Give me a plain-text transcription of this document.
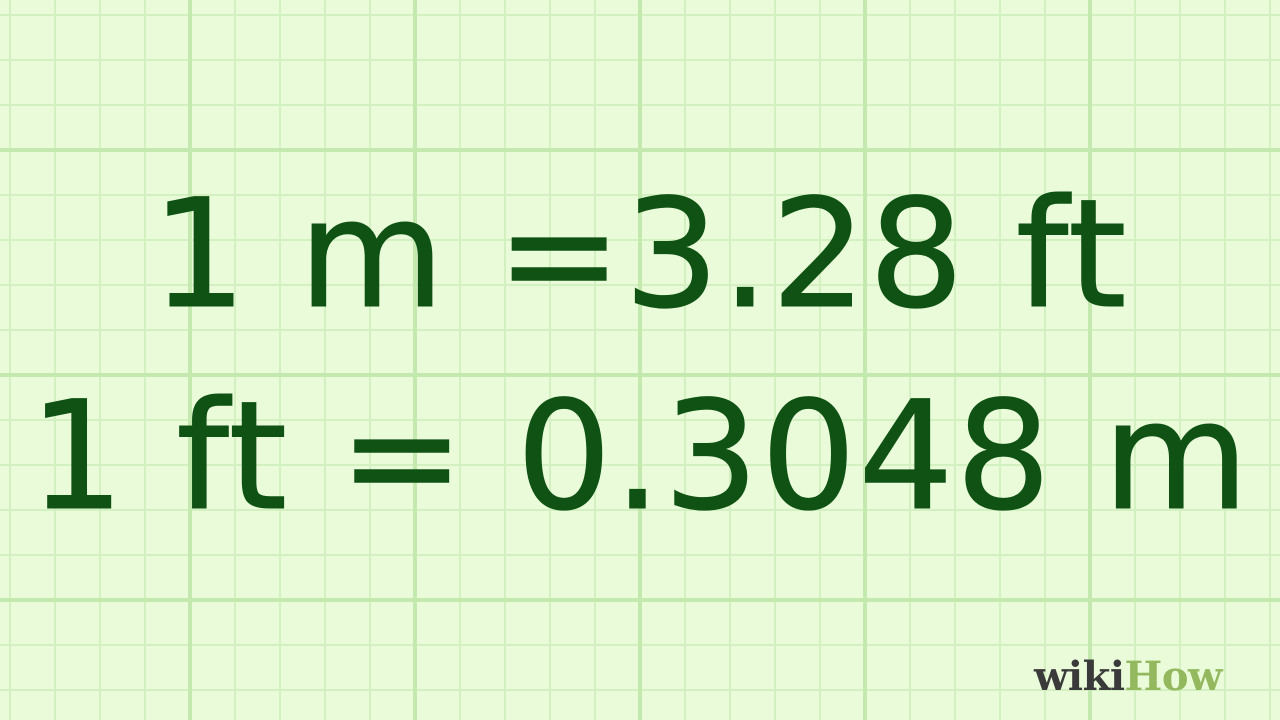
1 m =3.28 ft
1 ft = 0.3048 m
wiki How
